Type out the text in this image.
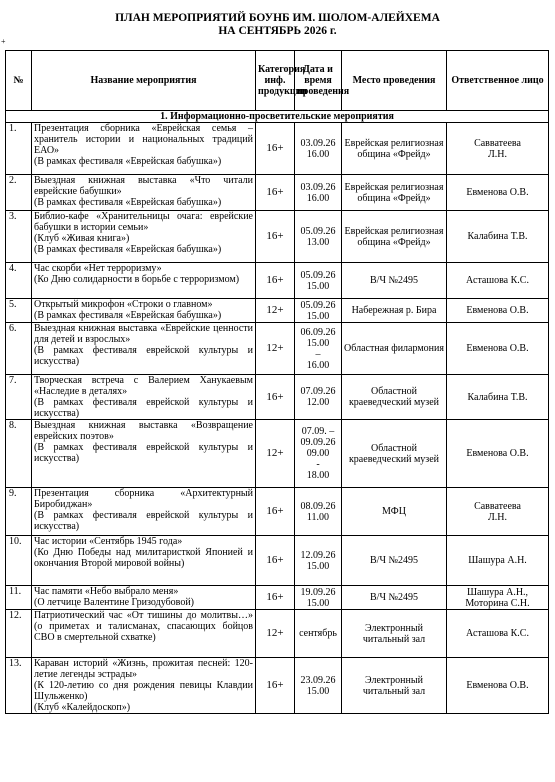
ПЛАН МЕРОПРИЯТИЙ БОУНБ ИМ. ШОЛОМ-АЛЕЙХЕМА
НА СЕНТЯБРЬ 2026 г.
+
№	Название мероприятия	Категория инф. продукции	Дата и время проведения	Место проведения	Ответственное лицо
1. Информационно-просветительские мероприятия					
1.	Презентация сборника «Еврейская семья – хранитель истории и национальных традиций ЕАО»
(В рамках фестиваля «Еврейская бабушка»)	16+	03.09.26
16.00	Еврейская религиозная община «Фрейд»	Савватеева
Л.Н.

2.	Выездная книжная выставка «Что читали еврейские бабушки»
(В рамках фестиваля «Еврейская бабушка»)	16+	03.09.26
16.00	Еврейская религиозная община «Фрейд»	Евменова О.В.

3.	Библио-кафе «Хранительницы очага: еврейские бабушки в истории семьи»
(Клуб «Живая книга»)
(В рамках фестиваля «Еврейская бабушка»)	16+	05.09.26
13.00	Еврейская религиозная община «Фрейд»	Калабина Т.В.

4.	Час скорби «Нет терроризму»
(Ко Дню солидарности в борьбе с терроризмом)	16+	05.09.26
15.00	В/Ч №2495	Асташова К.С.

5.	Открытый микрофон «Строки о главном»
(В рамках фестиваля «Еврейская бабушка»)	12+	05.09.26
15.00	Набережная р. Бира	Евменова О.В.

6.	Выездная книжная выставка «Еврейские ценности для детей и взрослых»
(В рамках фестиваля еврейской культуры и искусства)	12+	06.09.26
15.00
–
16.00	Областная филармония	Евменова О.В.

7.	Творческая встреча с Валерием Ханукаевым «Наследие в деталях»
(В рамках фестиваля еврейской культуры и искусства)	16+	07.09.26
12.00	Областной краеведческий музей	Калабина Т.В.

8.	Выездная книжная выставка «Возвращение еврейских поэтов»
(В рамках фестиваля еврейской культуры и искусства)	12+	07.09. –
09.09.26
09.00
-
18.00	Областной краеведческий музей	Евменова О.В.

9.	Презентация сборника «Архитектурный Биробиджан»
(В рамках фестиваля еврейской культуры и искусства)	16+	08.09.26
11.00	МФЦ	Савватеева
Л.Н.

10.	Час истории «Сентябрь 1945 года»
(Ко Дню Победы над милитаристкой Японией и окончания Второй мировой войны)	16+	12.09.26
15.00	В/Ч №2495	Шашура А.Н.

11.	Час памяти «Небо выбрало меня»
(О летчице Валентине Гризодубовой)	16+	19.09.26
15.00	В/Ч №2495	Шашура А.Н.,
Моторина С.Н.

12.	Патриотический час «От тишины до молитвы…» (о приметах и талисманах, спасающих бойцов СВО в смертельной схватке)	12+	сентябрь	Электронный читальный зал	Асташова К.С.

13.	Караван историй «Жизнь, прожитая песней: 120-летие легенды эстрады»
(К 120-летию со дня рождения певицы Клавдии Шульженко)
(Клуб «Калейдоскоп»)	16+	23.09.26
15.00	Электронный читальный зал	Евменова О.В.
